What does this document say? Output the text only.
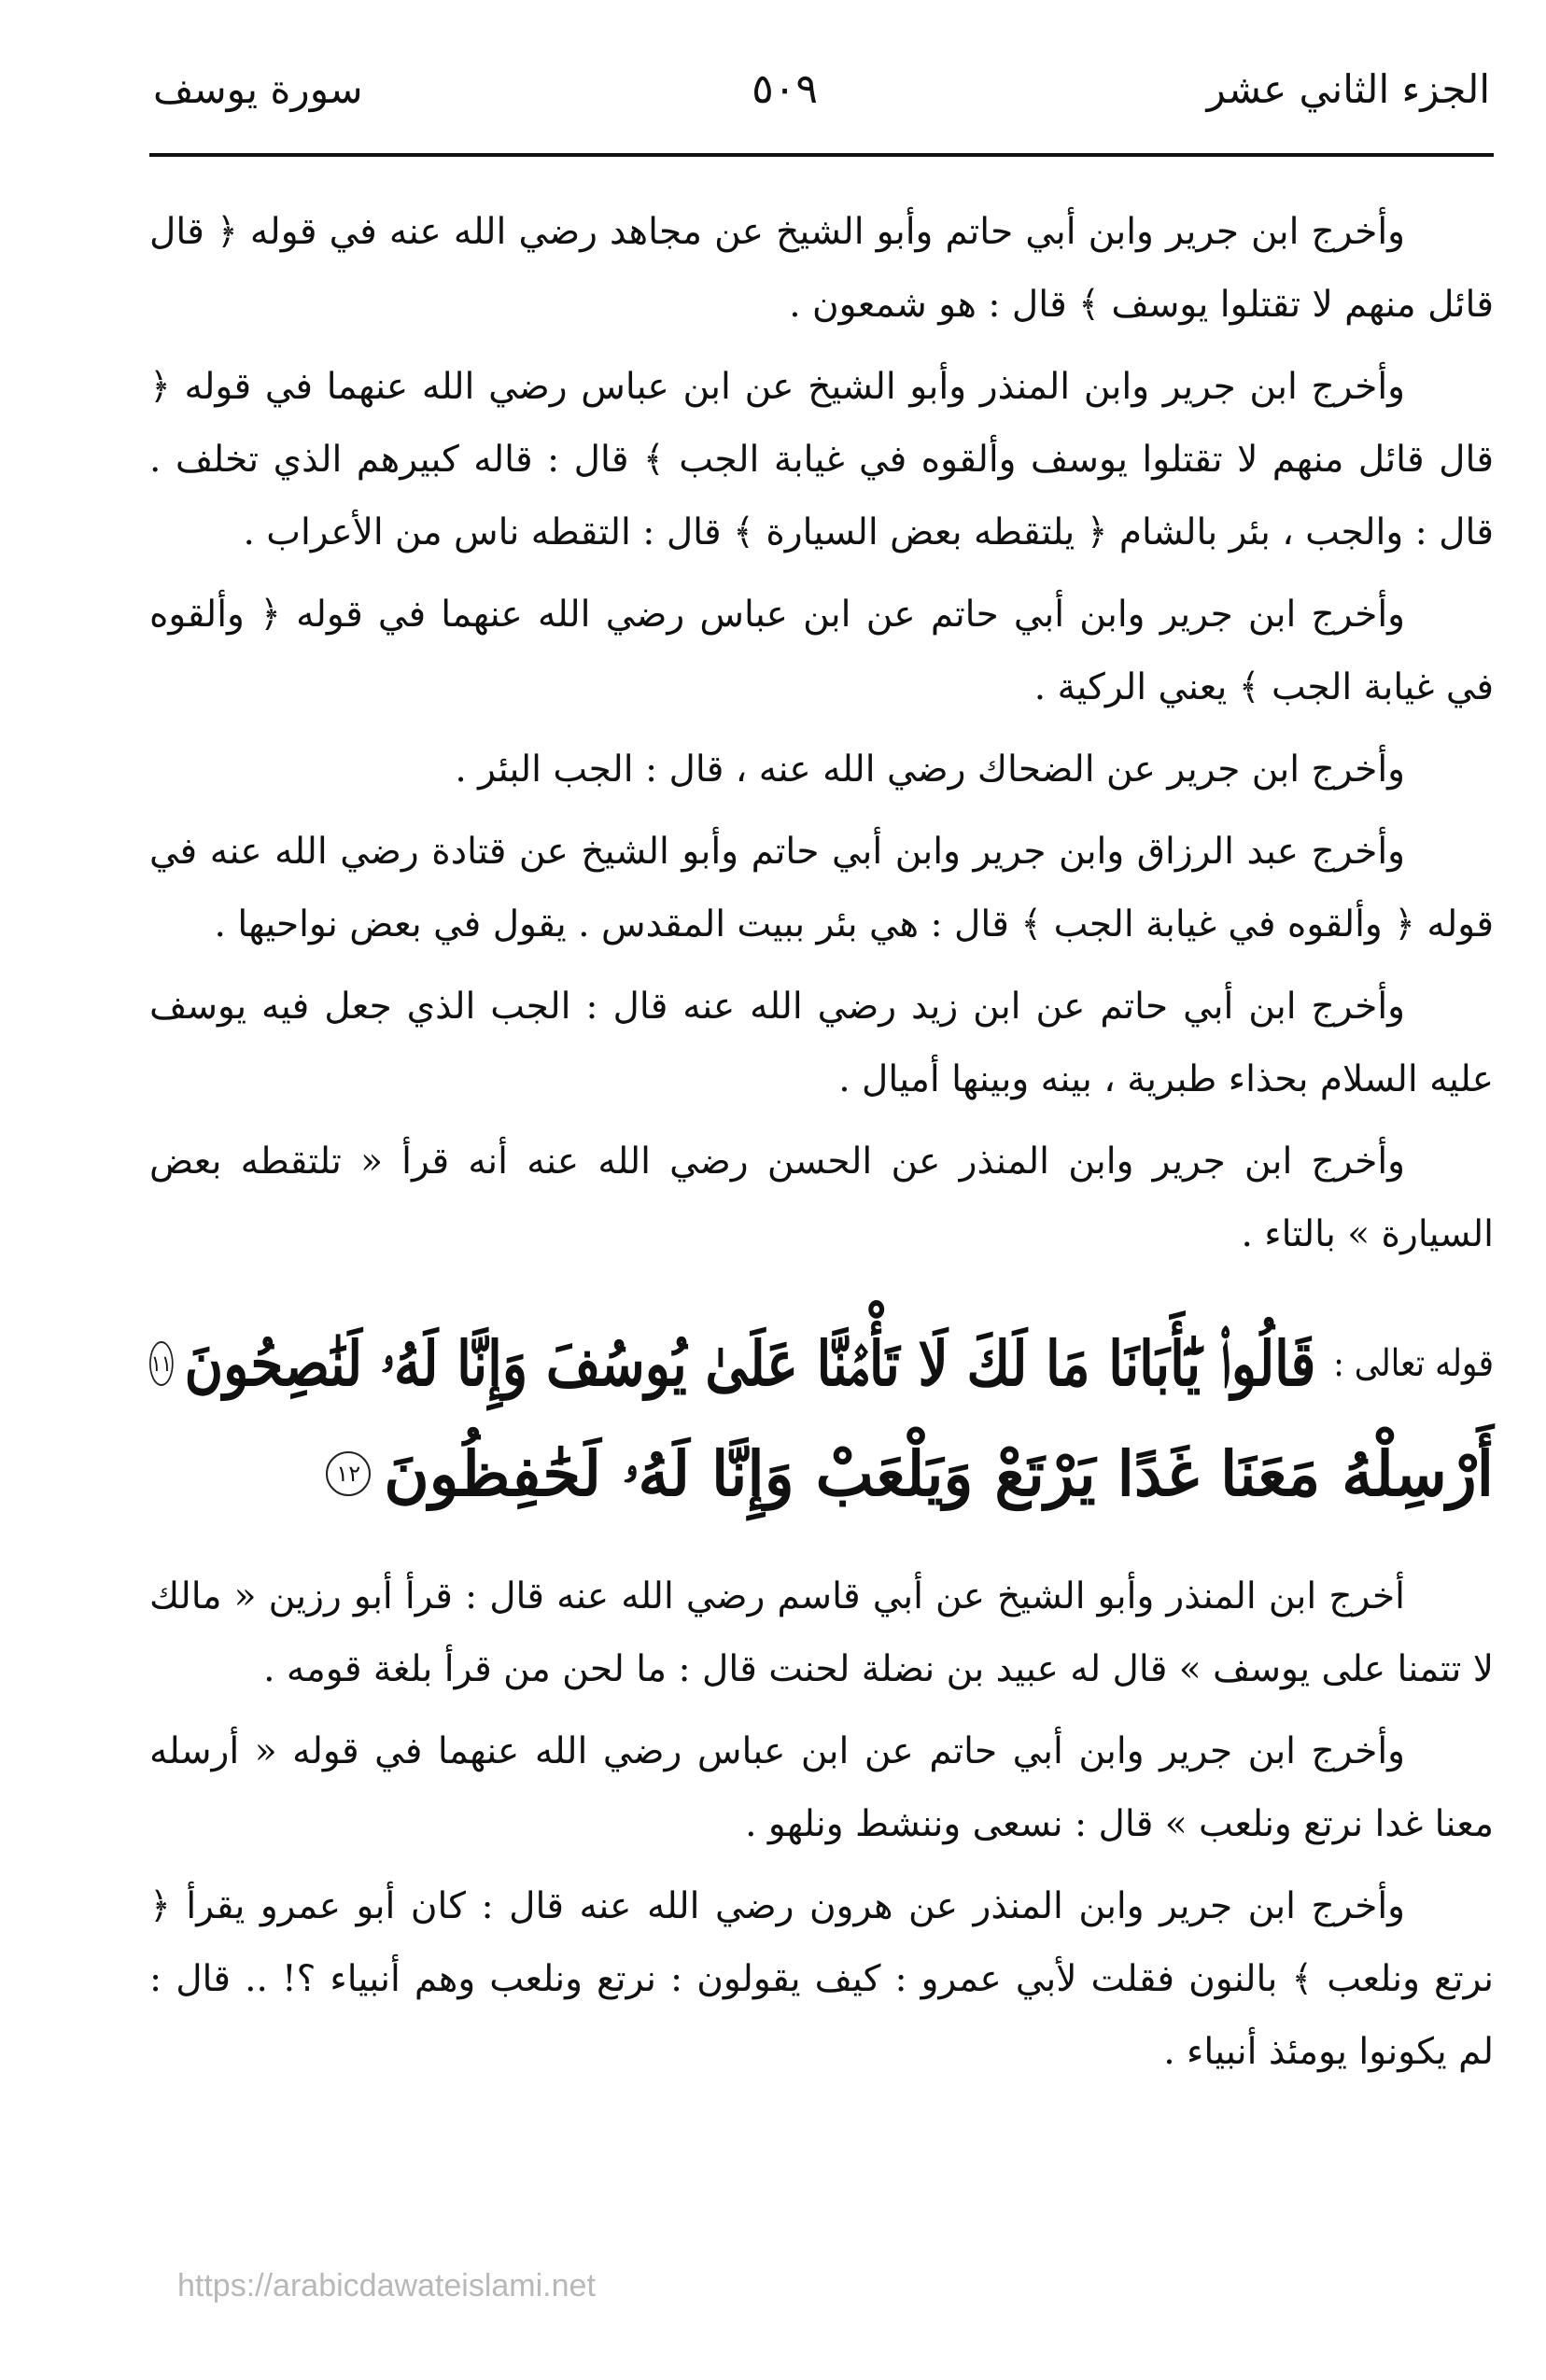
الجزء الثاني عشر
٥٠٩
سورة يوسف

وأخرج ابن جرير وابن أبي حاتم وأبو الشيخ عن مجاهد رضي الله عنه في قوله ﴿ قال قائل منهم لا تقتلوا يوسف ﴾ قال : هو شمعون .

وأخرج ابن جرير وابن المنذر وأبو الشيخ عن ابن عباس رضي الله عنهما في قوله ﴿ قال قائل منهم لا تقتلوا يوسف وألقوه في غيابة الجب ﴾ قال : قاله كبيرهم الذي تخلف . قال : والجب ، بئر بالشام ﴿ يلتقطه بعض السيارة ﴾ قال : التقطه ناس من الأعراب .

وأخرج ابن جرير وابن أبي حاتم عن ابن عباس رضي الله عنهما في قوله ﴿ وألقوه في غيابة الجب ﴾ يعني الركية .

وأخرج ابن جرير عن الضحاك رضي الله عنه ، قال : الجب البئر .

وأخرج عبد الرزاق وابن جرير وابن أبي حاتم وأبو الشيخ عن قتادة رضي الله عنه في قوله ﴿ وألقوه في غيابة الجب ﴾ قال : هي بئر ببيت المقدس . يقول في بعض نواحيها .

وأخرج ابن أبي حاتم عن ابن زيد رضي الله عنه قال : الجب الذي جعل فيه يوسف عليه السلام بحذاء طبرية ، بينه وبينها أميال .

وأخرج ابن جرير وابن المنذر عن الحسن رضي الله عنه أنه قرأ « تلتقطه بعض السيارة » بالتاء .

قوله تعالى :
قَالُوا۟ يَٰٓأَبَانَا مَا لَكَ لَا تَأْمَ۫نَّا عَلَىٰ يُوسُفَ وَإِنَّا لَهُۥ لَنَٰصِحُونَ
١١
أَرْسِلْهُ مَعَنَا غَدًا يَرْتَعْ وَيَلْعَبْ وَإِنَّا لَهُۥ لَحَٰفِظُونَ
١٢

أخرج ابن المنذر وأبو الشيخ عن أبي قاسم رضي الله عنه قال : قرأ أبو رزين « مالك لا تتمنا على يوسف » قال له عبيد بن نضلة لحنت قال : ما لحن من قرأ بلغة قومه .

وأخرج ابن جرير وابن أبي حاتم عن ابن عباس رضي الله عنهما في قوله « أرسله معنا غدا نرتع ونلعب » قال : نسعى وننشط ونلهو .

وأخرج ابن جرير وابن المنذر عن هرون رضي الله عنه قال : كان أبو عمرو يقرأ ﴿ نرتع ونلعب ﴾ بالنون فقلت لأبي عمرو : كيف يقولون : نرتع ونلعب وهم أنبياء ؟! .. قال : لم يكونوا يومئذ أنبياء .

https://arabicdawateislami.net
